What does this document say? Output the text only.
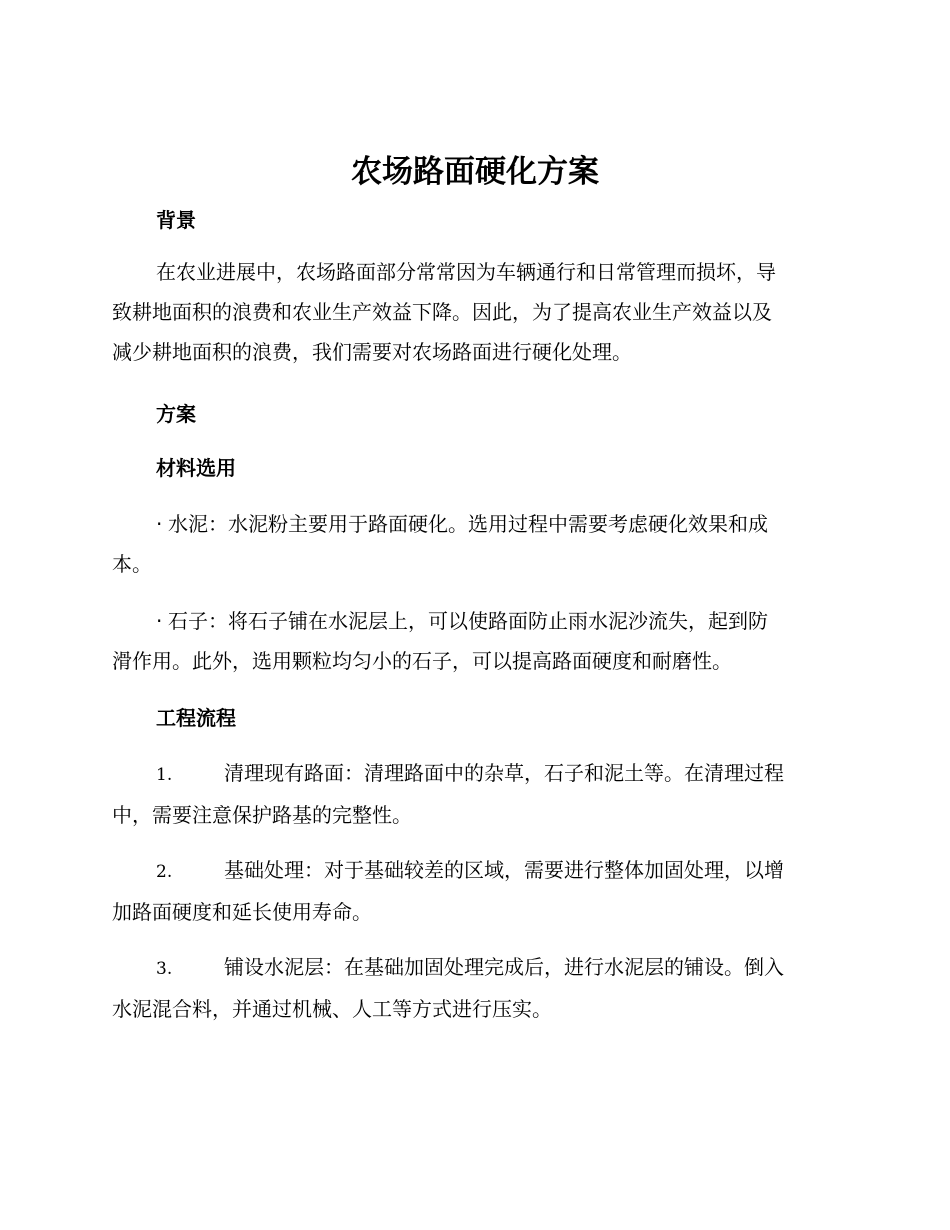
农场路面硬化方案
背景

在农业进展中，农场路面部分常常因为车辆通行和日常管理而损坏，导
致耕地面积的浪费和农业生产效益下降。因此，为了提高农业生产效益以及
减少耕地面积的浪费，我们需要对农场路面进行硬化处理。

方案
材料选用

· 水泥：水泥粉主要用于路面硬化。选用过程中需要考虑硬化效果和成
本。

· 石子：将石子铺在水泥层上，可以使路面防止雨水泥沙流失，起到防
滑作用。此外，选用颗粒均匀小的石子，可以提高路面硬度和耐磨性。

工程流程

1.	清理现有路面：清理路面中的杂草，石子和泥土等。在清理过程
中，需要注意保护路基的完整性。

2.	基础处理：对于基础较差的区域，需要进行整体加固处理，以增
加路面硬度和延长使用寿命。

3.	铺设水泥层：在基础加固处理完成后，进行水泥层的铺设。倒入
水泥混合料，并通过机械、人工等方式进行压实。
